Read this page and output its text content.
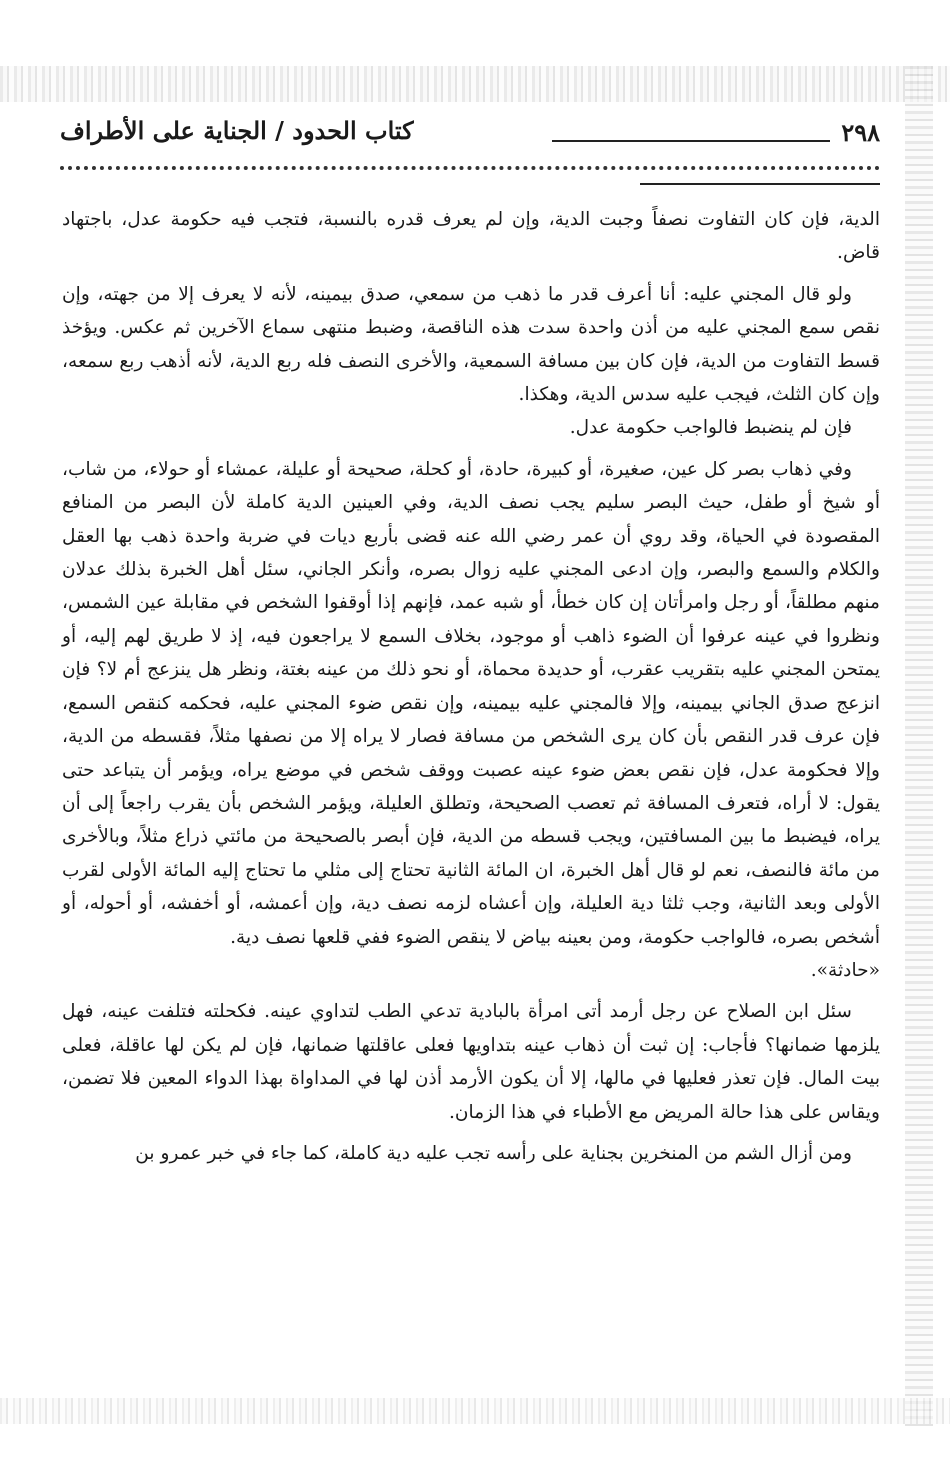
٢٩٨
كتاب الحدود / الجناية على الأطراف

الدية، فإن كان التفاوت نصفاً وجبت الدية، وإن لم يعرف قدره بالنسبة، فتجب فيه حكومة عدل، باجتهاد قاض.

ولو قال المجني عليه: أنا أعرف قدر ما ذهب من سمعي، صدق بيمينه، لأنه لا يعرف إلا من جهته، وإن نقص سمع المجني عليه من أذن واحدة سدت هذه الناقصة، وضبط منتهى سماع الآخرين ثم عكس. ويؤخذ قسط التفاوت من الدية، فإن كان بين مسافة السمعية، والأخرى النصف فله ربع الدية، لأنه أذهب ربع سمعه، وإن كان الثلث، فيجب عليه سدس الدية، وهكذا.

فإن لم ينضبط فالواجب حكومة عدل.

وفي ذهاب بصر كل عين، صغيرة، أو كبيرة، حادة، أو كحلة، صحيحة أو عليلة، عمشاء أو حولاء، من شاب، أو شيخ أو طفل، حيث البصر سليم يجب نصف الدية، وفي العينين الدية كاملة لأن البصر من المنافع المقصودة في الحياة، وقد روي أن عمر رضي الله عنه قضى بأربع ديات في ضربة واحدة ذهب بها العقل والكلام والسمع والبصر، وإن ادعى المجني عليه زوال بصره، وأنكر الجاني، سئل أهل الخبرة بذلك عدلان منهم مطلقاً، أو رجل وامرأتان إن كان خطأ، أو شبه عمد، فإنهم إذا أوقفوا الشخص في مقابلة عين الشمس، ونظروا في عينه عرفوا أن الضوء ذاهب أو موجود، بخلاف السمع لا يراجعون فيه، إذ لا طريق لهم إليه، أو يمتحن المجني عليه بتقريب عقرب، أو حديدة محماة، أو نحو ذلك من عينه بغتة، ونظر هل ينزعج أم لا؟ فإن انزعج صدق الجاني بيمينه، وإلا فالمجني عليه بيمينه، وإن نقص ضوء المجني عليه، فحكمه كنقص السمع، فإن عرف قدر النقص بأن كان يرى الشخص من مسافة فصار لا يراه إلا من نصفها مثلاً، فقسطه من الدية، وإلا فحكومة عدل، فإن نقص بعض ضوء عينه عصبت ووقف شخص في موضع يراه، ويؤمر أن يتباعد حتى يقول: لا أراه، فتعرف المسافة ثم تعصب الصحيحة، وتطلق العليلة، ويؤمر الشخص بأن يقرب راجعاً إلى أن يراه، فيضبط ما بين المسافتين، ويجب قسطه من الدية، فإن أبصر بالصحيحة من مائتي ذراع مثلاً، وبالأخرى من مائة فالنصف، نعم لو قال أهل الخبرة، ان المائة الثانية تحتاج إلى مثلي ما تحتاج إليه المائة الأولى لقرب الأولى وبعد الثانية، وجب ثلثا دية العليلة، وإن أعشاه لزمه نصف دية، وإن أعمشه، أو أخفشه، أو أحوله، أو أشخص بصره، فالواجب حكومة، ومن بعينه بياض لا ينقص الضوء ففي قلعها نصف دية.

«حادثة».

سئل ابن الصلاح عن رجل أرمد أتى امرأة بالبادية تدعي الطب لتداوي عينه. فكحلته فتلفت عينه، فهل يلزمها ضمانها؟ فأجاب: إن ثبت أن ذهاب عينه بتداويها فعلى عاقلتها ضمانها، فإن لم يكن لها عاقلة، فعلى بيت المال. فإن تعذر فعليها في مالها، إلا أن يكون الأرمد أذن لها في المداواة بهذا الدواء المعين فلا تضمن، ويقاس على هذا حالة المريض مع الأطباء في هذا الزمان.

ومن أزال الشم من المنخرين بجناية على رأسه تجب عليه دية كاملة، كما جاء في خبر عمرو بن
